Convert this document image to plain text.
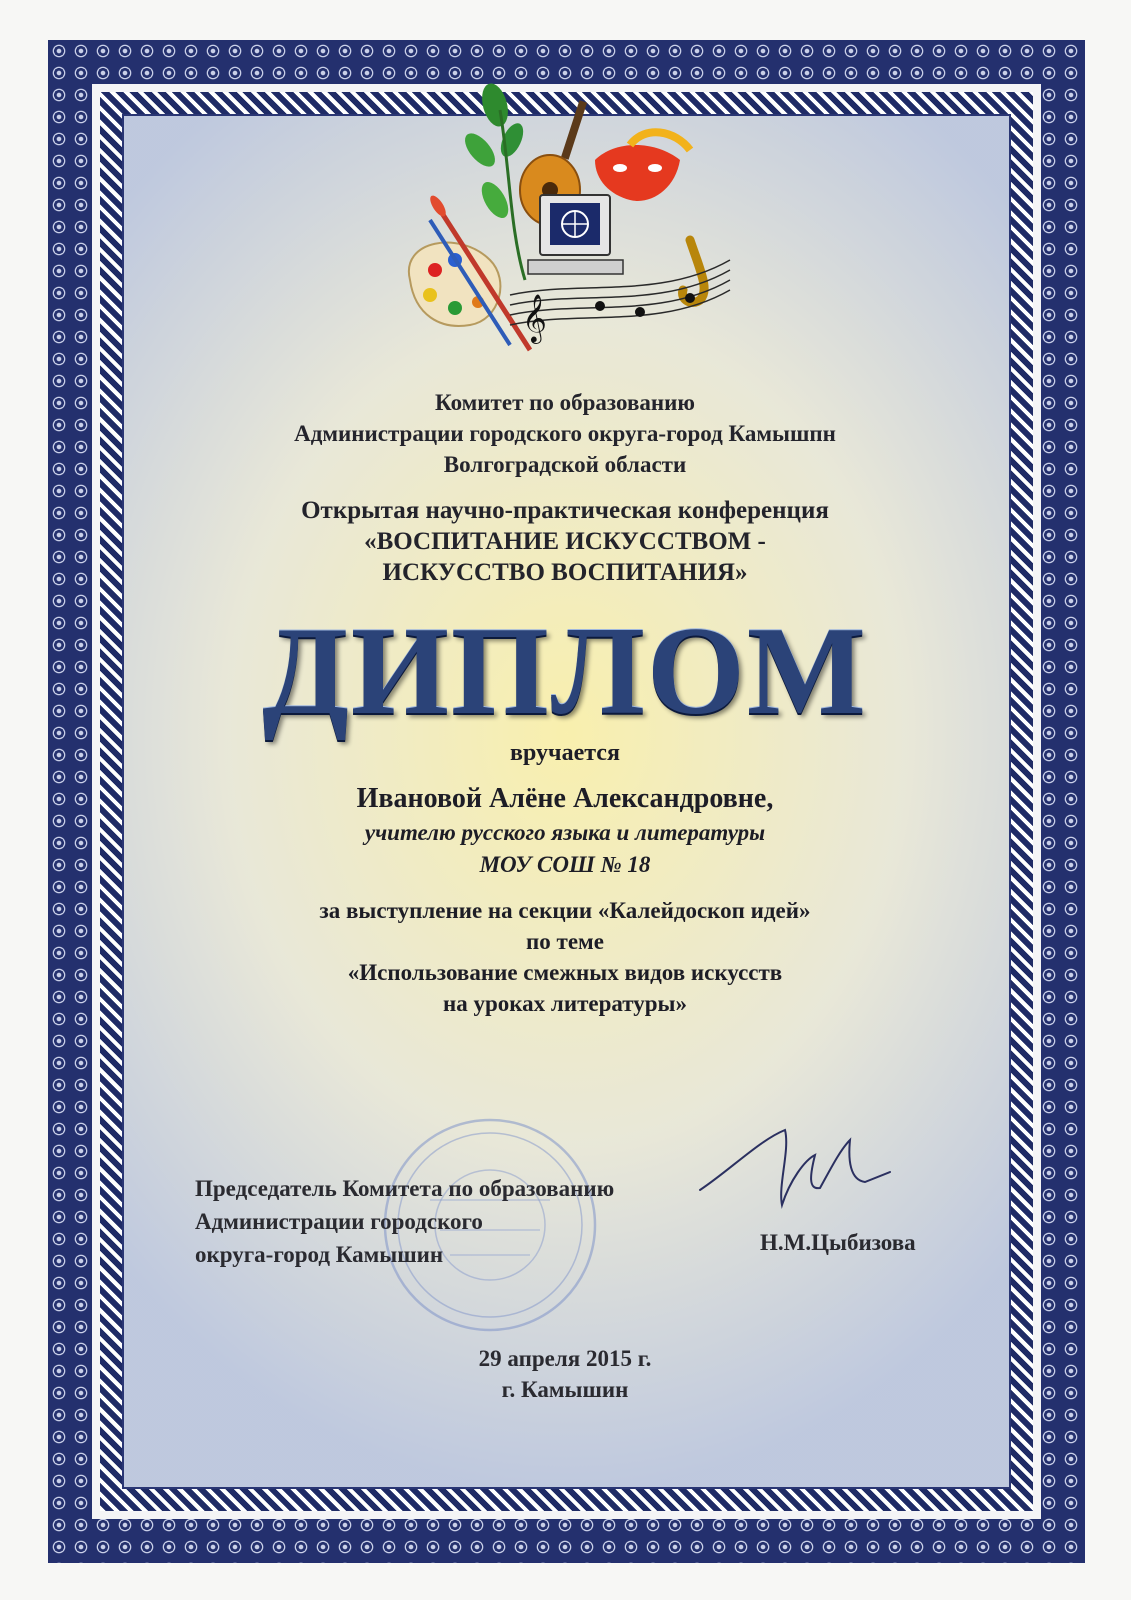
𝄞
Комитет по образованию
Администрации городского округа-город Камышпн
Волгоградской области
Открытая научно-практическая конференция
«ВОСПИТАНИЕ ИСКУССТВОМ -
ИСКУССТВО ВОСПИТАНИЯ»
ДИПЛОМ
вручается
Ивановой Алёне Александровне,
учителю русского языка и литературы
МОУ СОШ № 18
за выступление на секции «Калейдоскоп идей»
по теме
«Использование смежных видов искусств
на уроках литературы»
Председатель Комитета по образованию
Администрации городского
округа-город Камышин	Н.М.Цыбизова
29 апреля 2015 г.
г. Камышин
